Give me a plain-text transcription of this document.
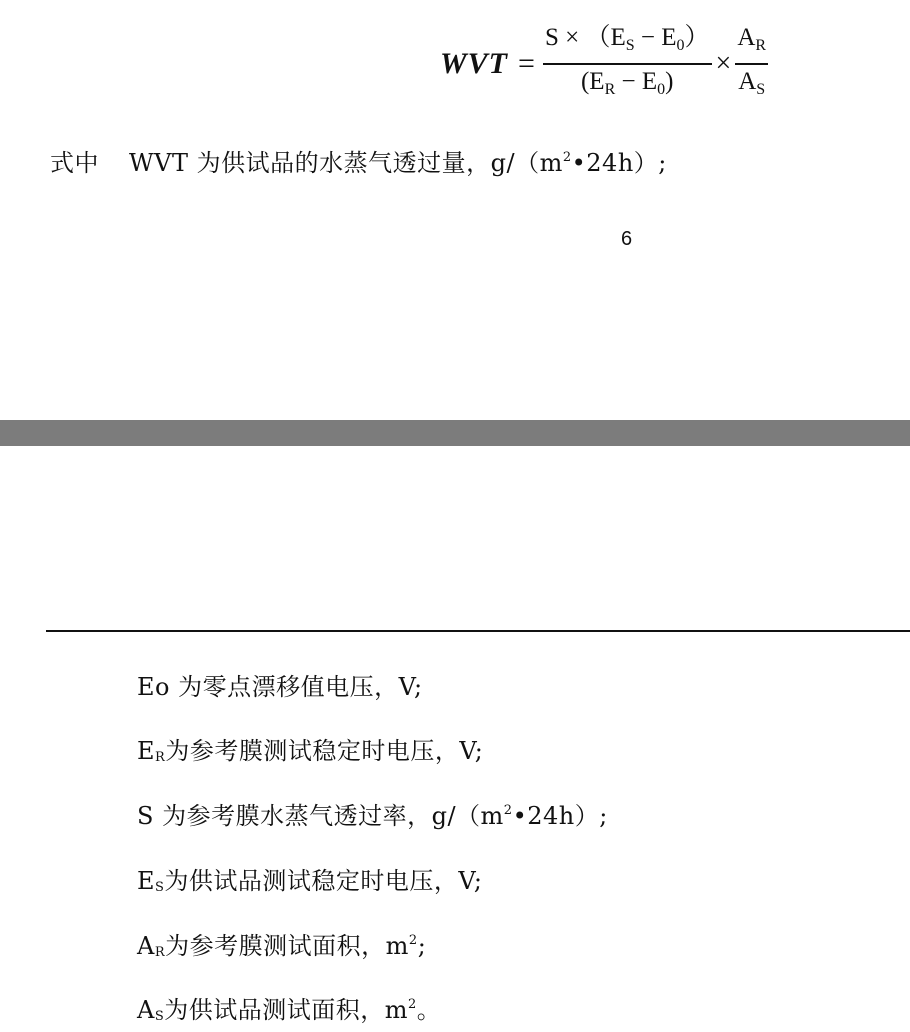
WVT = $\frac{S \times (E_S - E_0)}{(E_R - E_0)} \times \frac{A_R}{A_S}$
式中 WVT 为供试品的水蒸气透过量，$g/(m^2•24h)$;
6
Eo 为零点漂移值电压，V;
ER为参考膜测试稳定时电压，V;
S 为参考膜水蒸气透过率，$g/(m^2•24h)$;
ES为供试品测试稳定时电压，V;
AR为参考膜测试面积，$m^2$;
AS为供试品测试面积，$m^2$。
